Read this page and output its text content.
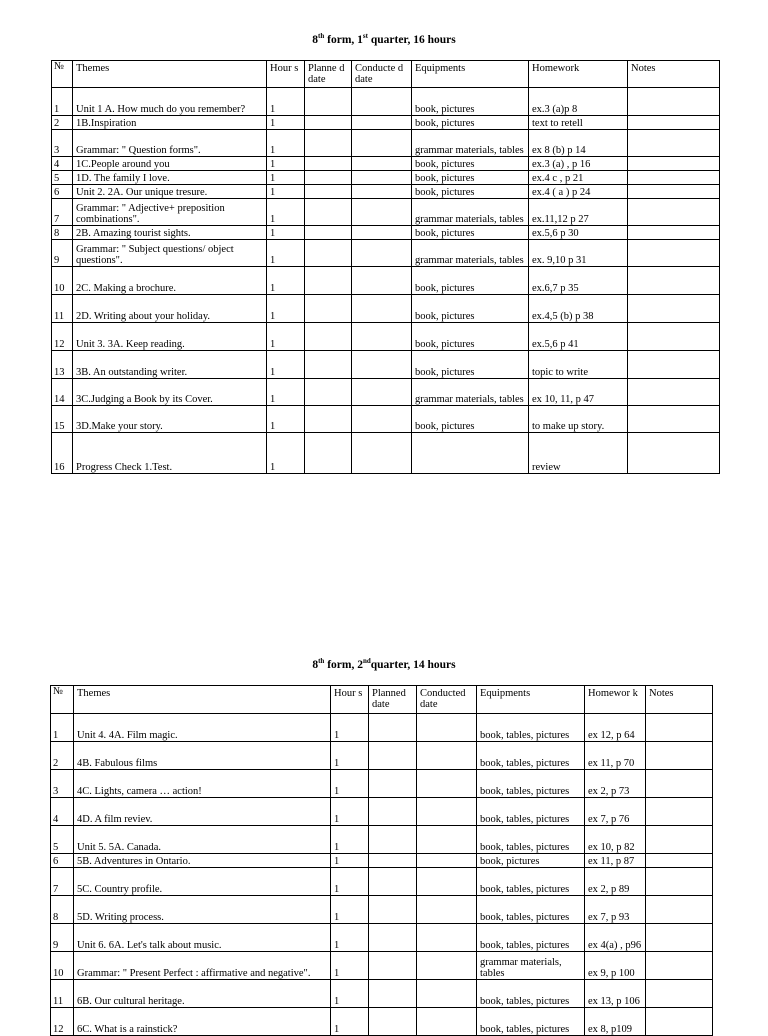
8th form, 1st quarter, 16 hours
№	Themes	Hour s	Planne d date	Conducte d date	Equipments	Homework	Notes
1	Unit 1 A. How much do you remember?	1			book, pictures	ex.3 (a)p 8	
2	1B.Inspiration	1			book, pictures	text to retell	
3	Grammar: " Question forms".	1			grammar materials, tables	ex 8 (b) p 14	
4	1C.People around you	1			book, pictures	ex.3 (a) , p 16	
5	1D. The family I love.	1			book, pictures	ex.4 c , p 21	
6	Unit 2. 2A. Our unique tresure.	1			book, pictures	ex.4 ( a ) p 24	
7	Grammar: " Adjective+ preposition combinations".	1			grammar materials, tables	ex.11,12 p 27	
8	2B. Amazing tourist sights.	1			book, pictures	ex.5,6 p 30	
9	Grammar: " Subject questions/ object questions".	1			grammar materials, tables	ex. 9,10 p 31	
10	2C. Making a brochure.	1			book, pictures	ex.6,7 p 35	
11	2D. Writing about your holiday.	1			book, pictures	ex.4,5 (b) p 38	
12	Unit 3. 3A. Keep reading.	1			book, pictures	ex.5,6 p 41	
13	3B. An outstanding writer.	1			book, pictures	topic to write	
14	3C.Judging a Book by its Cover.	1			grammar materials, tables	ex 10, 11, p 47	
15	3D.Make your story.	1			book, pictures	to make up story.	
16	Progress Check 1.Test.	1				review	
8th form, 2ndquarter, 14 hours
№	Themes	Hour s	Planned date	Conducted date	Equipments	Homewor k	Notes
1	Unit 4. 4A. Film magic.	1			book, tables, pictures	ex 12, p 64	
2	4B. Fabulous films	1			book, tables, pictures	ex 11, p 70	
3	4C. Lights, camera … action!	1			book, tables, pictures	ex 2, p 73	
4	4D. A film reviev.	1			book, tables, pictures	ex 7, p 76	
5	Unit 5. 5A. Canada.	1			book, tables, pictures	ex 10, p 82	
6	5B. Adventures in Ontario.	1			book, pictures	ex 11, p 87	
7	5C. Country profile.	1			book, tables, pictures	ex 2, p 89	
8	5D. Writing process.	1			book, tables, pictures	ex 7, p 93	
9	Unit 6. 6A. Let's talk about music.	1			book, tables, pictures	ex 4(a) , p96	
10	Grammar: " Present Perfect : affirmative and negative".	1			grammar materials, tables	ex 9, p 100	
11	6B. Our cultural heritage.	1			book, tables, pictures	ex 13, p 106	
12	6C. What is a rainstick?	1			book, tables, pictures	ex 8, p109	
